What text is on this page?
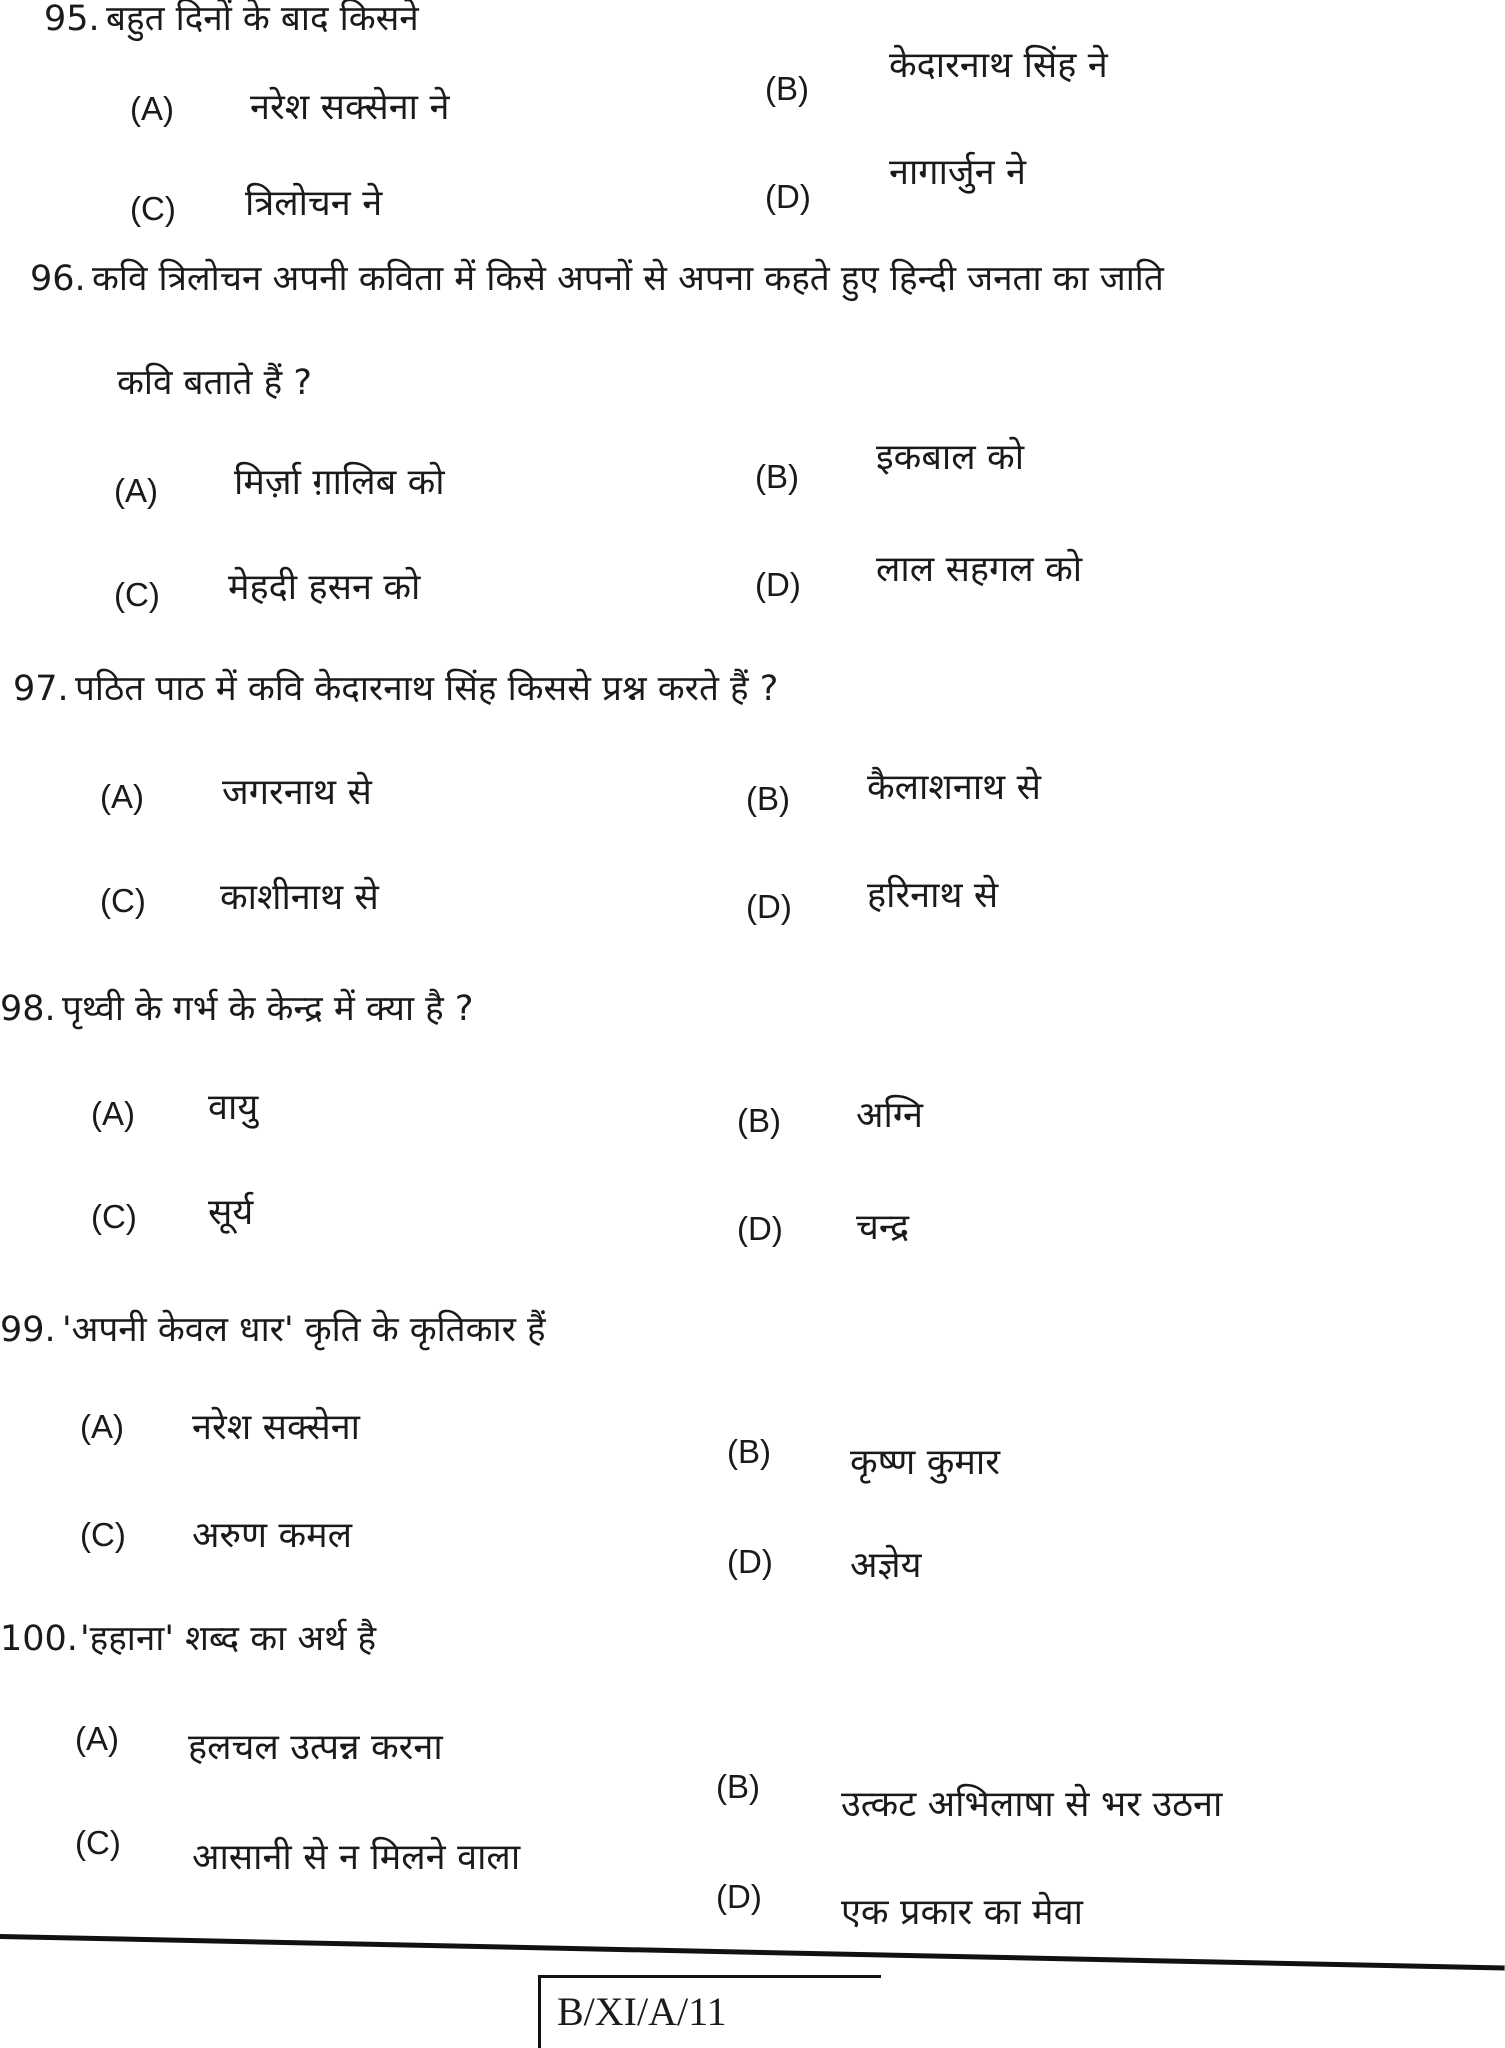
95. बहुत दिनों के बाद किसने
(A) नरेश सक्सेना ने	(B)
केदारनाथ सिंह ने
(C) त्रिलोचन ने	(D)
नागार्जुन ने
96. कवि त्रिलोचन अपनी कविता में किसे अपनों से अपना कहते हुए हिन्दी जनता का जाति
कवि बताते हैं ?
(A) मिर्ज़ा ग़ालिब को	(B) इकबाल को
(C) मेहदी हसन को	(D) लाल सहगल को
97. पठित पाठ में कवि केदारनाथ सिंह किससे प्रश्न करते हैं ?
(A) जगरनाथ से	(B) कैलाशनाथ से
(C) काशीनाथ से	(D) हरिनाथ से
98. पृथ्वी के गर्भ के केन्द्र में क्या है ?
(A) वायु	(B) अग्नि
(C) सूर्य	(D) चन्द्र
99. 'अपनी केवल धार' कृति के कृतिकार हैं
(A) नरेश सक्सेना
(B) कृष्ण कुमार
(C) अरुण कमल
(D) अज्ञेय
100. 'हहाना' शब्द का अर्थ है
(A) हलचल उत्पन्न करना
(B) उत्कट अभिलाषा से भर उठना
(C) आसानी से न मिलने वाला
(D) एक प्रकार का मेवा
B/XI/A/11
